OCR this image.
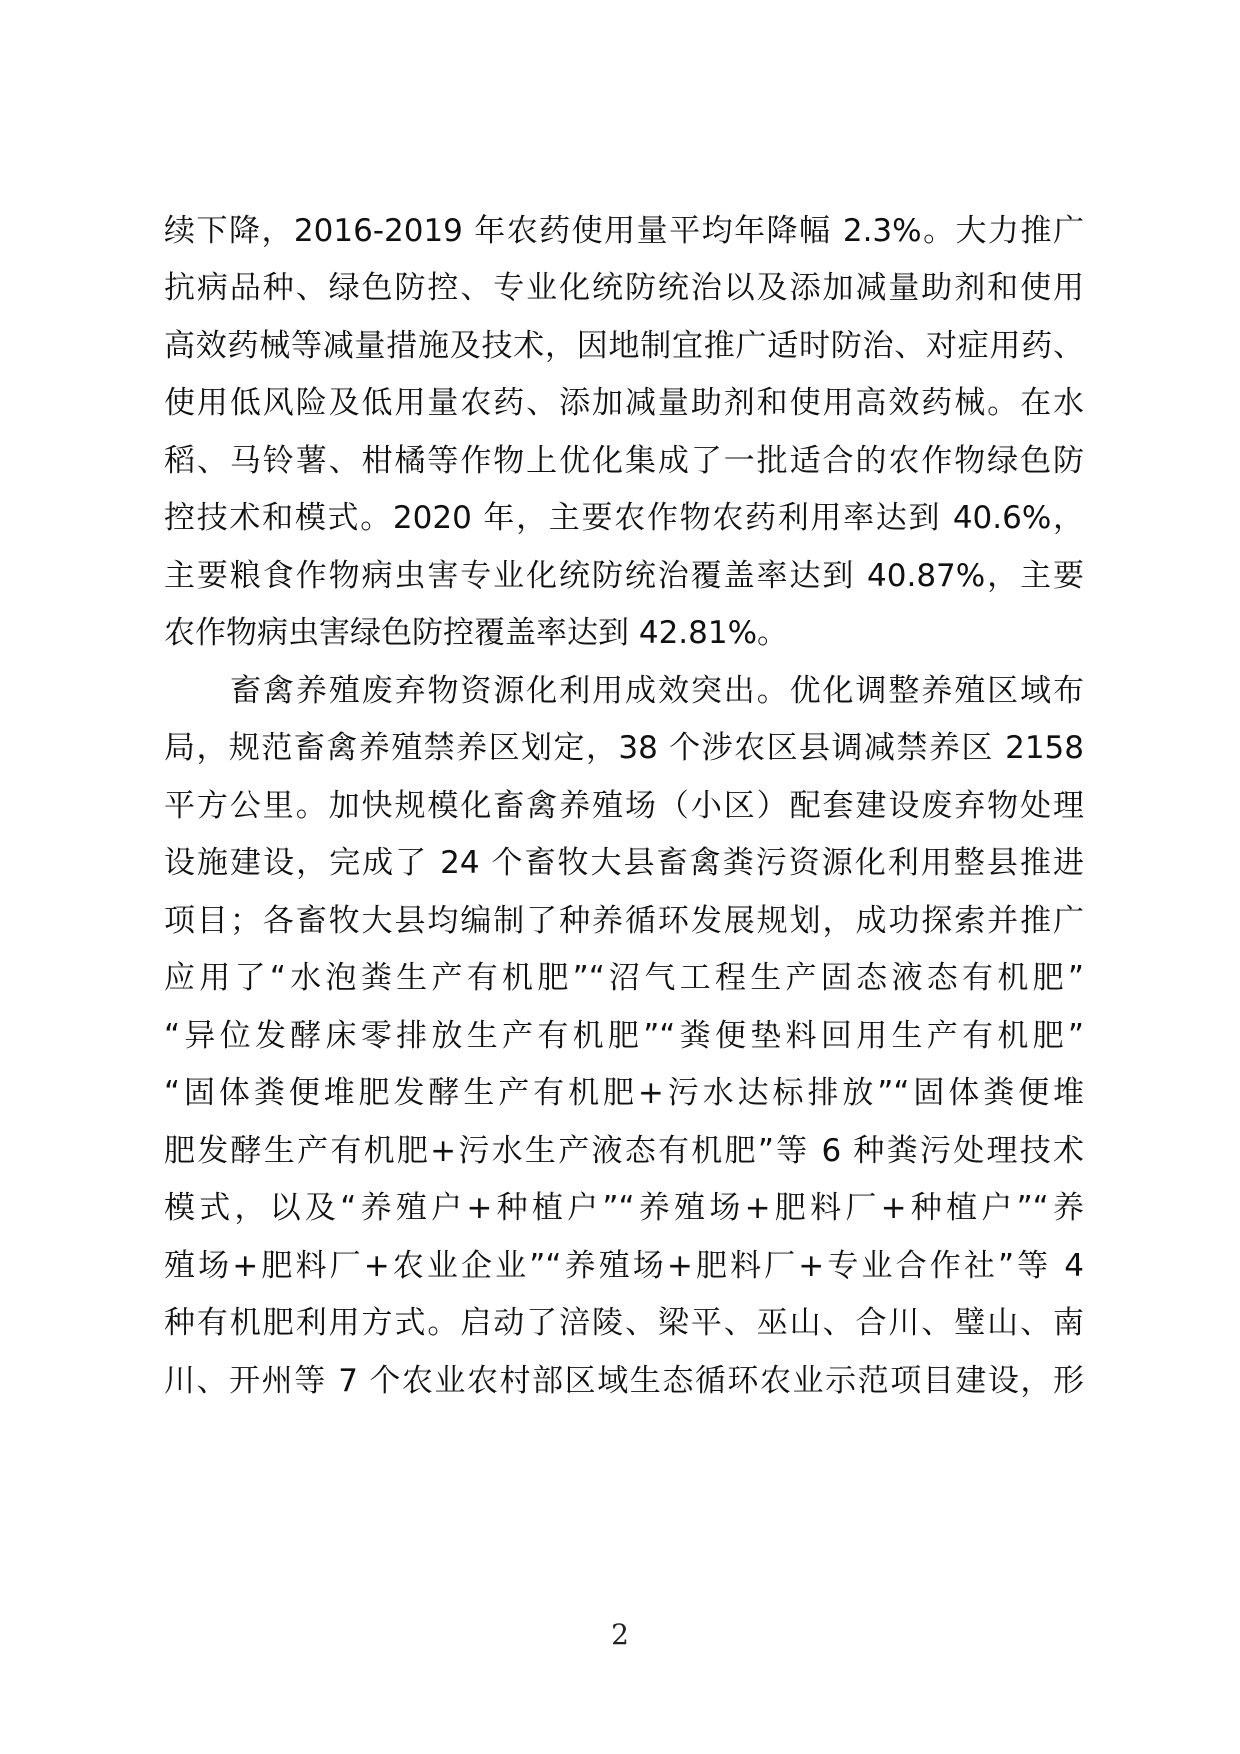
续下降，2016-2019 年农药使用量平均年降幅 2.3%。大力推广
抗病品种、绿色防控、专业化统防统治以及添加减量助剂和使用
高效药械等减量措施及技术，因地制宜推广适时防治、对症用药、
使用低风险及低用量农药、添加减量助剂和使用高效药械。在水
稻、马铃薯、柑橘等作物上优化集成了一批适合的农作物绿色防
控技术和模式。2020 年，主要农作物农药利用率达到 40.6%，
主要粮食作物病虫害专业化统防统治覆盖率达到 40.87%，主要
农作物病虫害绿色防控覆盖率达到 42.81%。
畜禽养殖废弃物资源化利用成效突出。优化调整养殖区域布
局，规范畜禽养殖禁养区划定，38 个涉农区县调减禁养区 2158
平方公里。加快规模化畜禽养殖场（小区）配套建设废弃物处理
设施建设，完成了 24 个畜牧大县畜禽粪污资源化利用整县推进
项目；各畜牧大县均编制了种养循环发展规划，成功探索并推广
应用了“水泡粪生产有机肥”“沼气工程生产固态液态有机肥”
“异位发酵床零排放生产有机肥”“粪便垫料回用生产有机肥”
“固体粪便堆肥发酵生产有机肥+污水达标排放”“固体粪便堆
肥发酵生产有机肥+污水生产液态有机肥”等 6 种粪污处理技术
模式，以及“养殖户+种植户”“养殖场+肥料厂+种植户”“养
殖场+肥料厂+农业企业”“养殖场+肥料厂+专业合作社”等 4
种有机肥利用方式。启动了涪陵、梁平、巫山、合川、璧山、南
川、开州等 7 个农业农村部区域生态循环农业示范项目建设，形
2
